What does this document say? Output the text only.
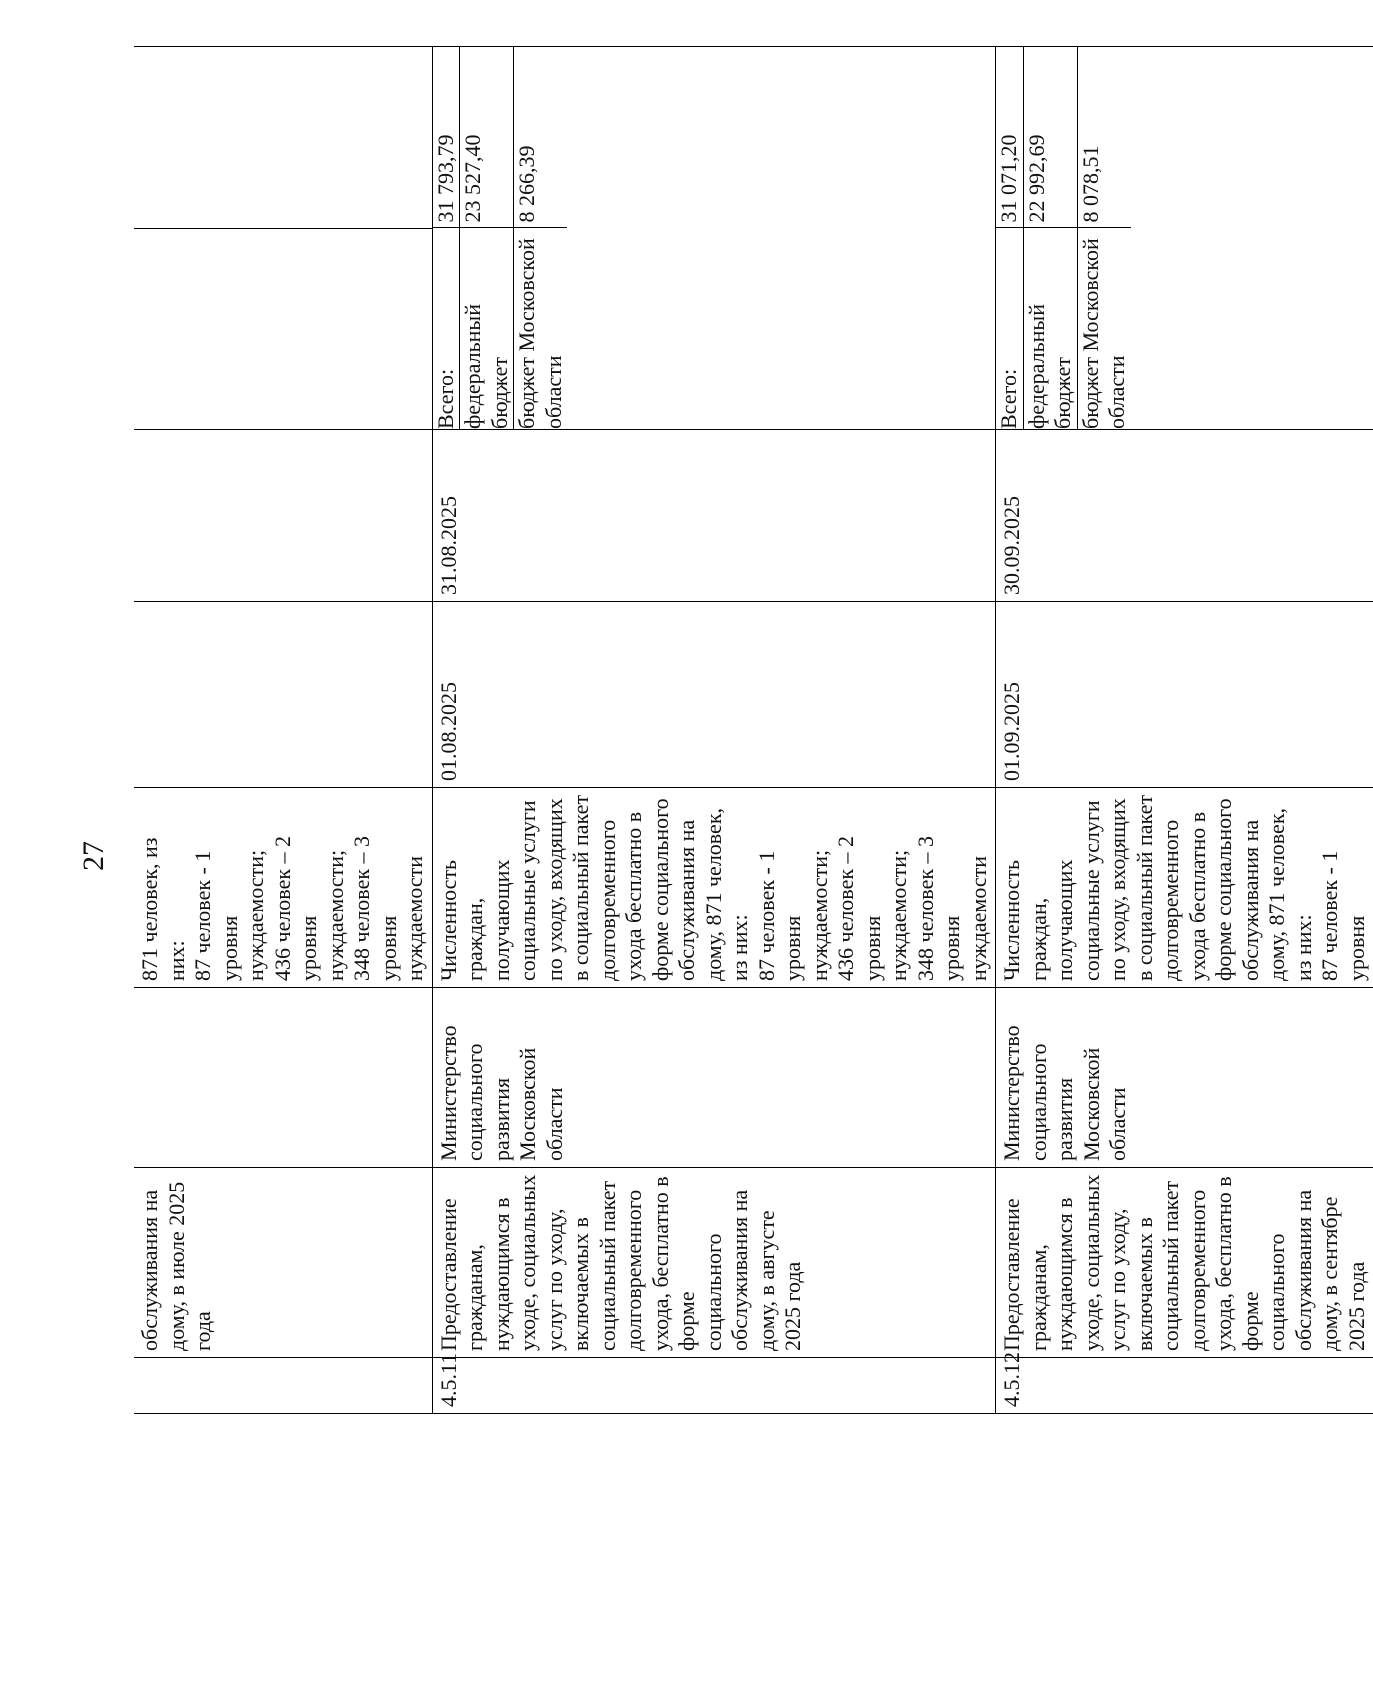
27
	обслуживания на дому, в июле 2025 года		871 человек, из них:
87 человек - 1 уровня нуждаемости;
436 человек – 2 уровня нуждаемости;
348 человек – 3 уровня нуждаемости				
4.5.11	Предоставление гражданам, нуждающимся в уходе, социальных услуг по уходу, включаемых в социальный пакет долговременного ухода, бесплатно в форме социального обслуживания на дому, в августе 2025 года	Министерство социального развития Московской области	Численность граждан, получающих социальные услуги по уходу, входящих в социальный пакет долговременного ухода бесплатно в форме социального обслуживания на дому, 871 человек, из них:
87 человек - 1 уровня нуждаемости;
436 человек – 2 уровня нуждаемости;
348 человек – 3 уровня нуждаемости	01.08.2025	31.08.2025	
Всего:	31 793,79
федеральный бюджет	23 527,40
бюджет Московской области	8 266,39

4.5.12	Предоставление гражданам, нуждающимся в уходе, социальных услуг по уходу, включаемых в социальный пакет долговременного ухода, бесплатно в форме социального обслуживания на дому, в сентябре 2025 года	Министерство социального развития Московской области	Численность граждан, получающих социальные услуги по уходу, входящих в социальный пакет долговременного ухода бесплатно в форме социального обслуживания на дому, 871 человек, из них:
87 человек - 1 уровня	01.09.2025	30.09.2025	
Всего:	31 071,20
федеральный бюджет	22 992,69
бюджет Московской области	8 078,51
